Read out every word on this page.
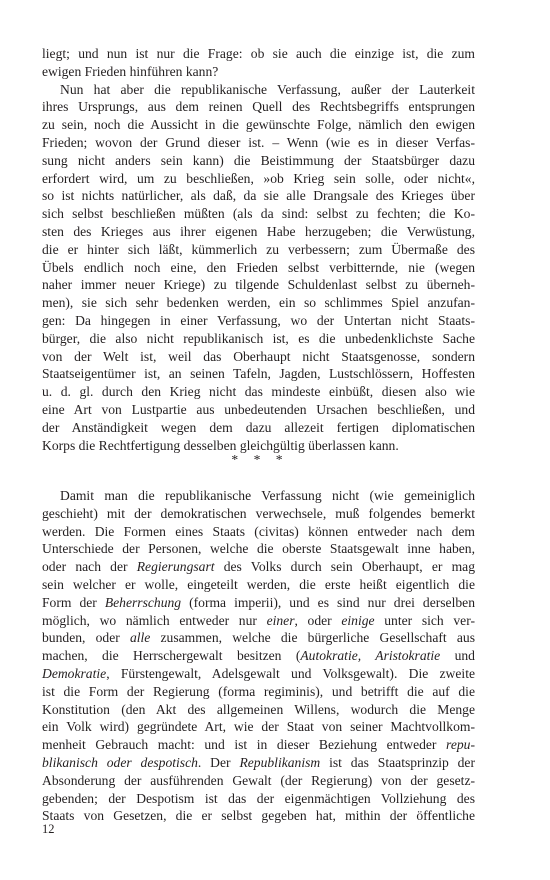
liegt; und nun ist nur die Frage: ob sie auch die einzige ist, die zum
ewigen Frieden hinführen kann?
Nun hat aber die republikanische Verfassung, außer der Lauterkeit
ihres Ursprungs, aus dem reinen Quell des Rechtsbegriffs entsprungen
zu sein, noch die Aussicht in die gewünschte Folge, nämlich den ewigen
Frieden; wovon der Grund dieser ist. – Wenn (wie es in dieser Verfas-
sung nicht anders sein kann) die Beistimmung der Staatsbürger dazu
erfordert wird, um zu beschließen, »ob Krieg sein solle, oder nicht«,
so ist nichts natürlicher, als daß, da sie alle Drangsale des Krieges über
sich selbst beschließen müßten (als da sind: selbst zu fechten; die Ko-
sten des Krieges aus ihrer eigenen Habe herzugeben; die Verwüstung,
die er hinter sich läßt, kümmerlich zu verbessern; zum Übermaße des
Übels endlich noch eine, den Frieden selbst verbitternde, nie (wegen
naher immer neuer Kriege) zu tilgende Schuldenlast selbst zu überneh-
men), sie sich sehr bedenken werden, ein so schlimmes Spiel anzufan-
gen: Da hingegen in einer Verfassung, wo der Untertan nicht Staats-
bürger, die also nicht republikanisch ist, es die unbedenklichste Sache
von der Welt ist, weil das Oberhaupt nicht Staatsgenosse, sondern
Staatseigentümer ist, an seinen Tafeln, Jagden, Lustschlössern, Hoffesten
u. d. gl. durch den Krieg nicht das mindeste einbüßt, diesen also wie
eine Art von Lustpartie aus unbedeutenden Ursachen beschließen, und
der Anständigkeit wegen dem dazu allezeit fertigen diplomatischen
Korps die Rechtfertigung desselben gleichgültig überlassen kann.
* * *
Damit man die republikanische Verfassung nicht (wie gemeiniglich
geschieht) mit der demokratischen verwechsele, muß folgendes bemerkt
werden. Die Formen eines Staats (civitas) können entweder nach dem
Unterschiede der Personen, welche die oberste Staatsgewalt inne haben,
oder nach der Regierungsart des Volks durch sein Oberhaupt, er mag
sein welcher er wolle, eingeteilt werden, die erste heißt eigentlich die
Form der Beherrschung (forma imperii), und es sind nur drei derselben
möglich, wo nämlich entweder nur einer, oder einige unter sich ver-
bunden, oder alle zusammen, welche die bürgerliche Gesellschaft aus
machen, die Herrschergewalt besitzen (Autokratie, Aristokratie und
Demokratie, Fürstengewalt, Adelsgewalt und Volksgewalt). Die zweite
ist die Form der Regierung (forma regiminis), und betrifft die auf die
Konstitution (den Akt des allgemeinen Willens, wodurch die Menge
ein Volk wird) gegründete Art, wie der Staat von seiner Machtvollkom-
menheit Gebrauch macht: und ist in dieser Beziehung entweder repu-
blikanisch oder despotisch. Der Republikanism ist das Staatsprinzip der
Absonderung der ausführenden Gewalt (der Regierung) von der gesetz-
gebenden; der Despotism ist das der eigenmächtigen Vollziehung des
Staats von Gesetzen, die er selbst gegeben hat, mithin der öffentliche
12
